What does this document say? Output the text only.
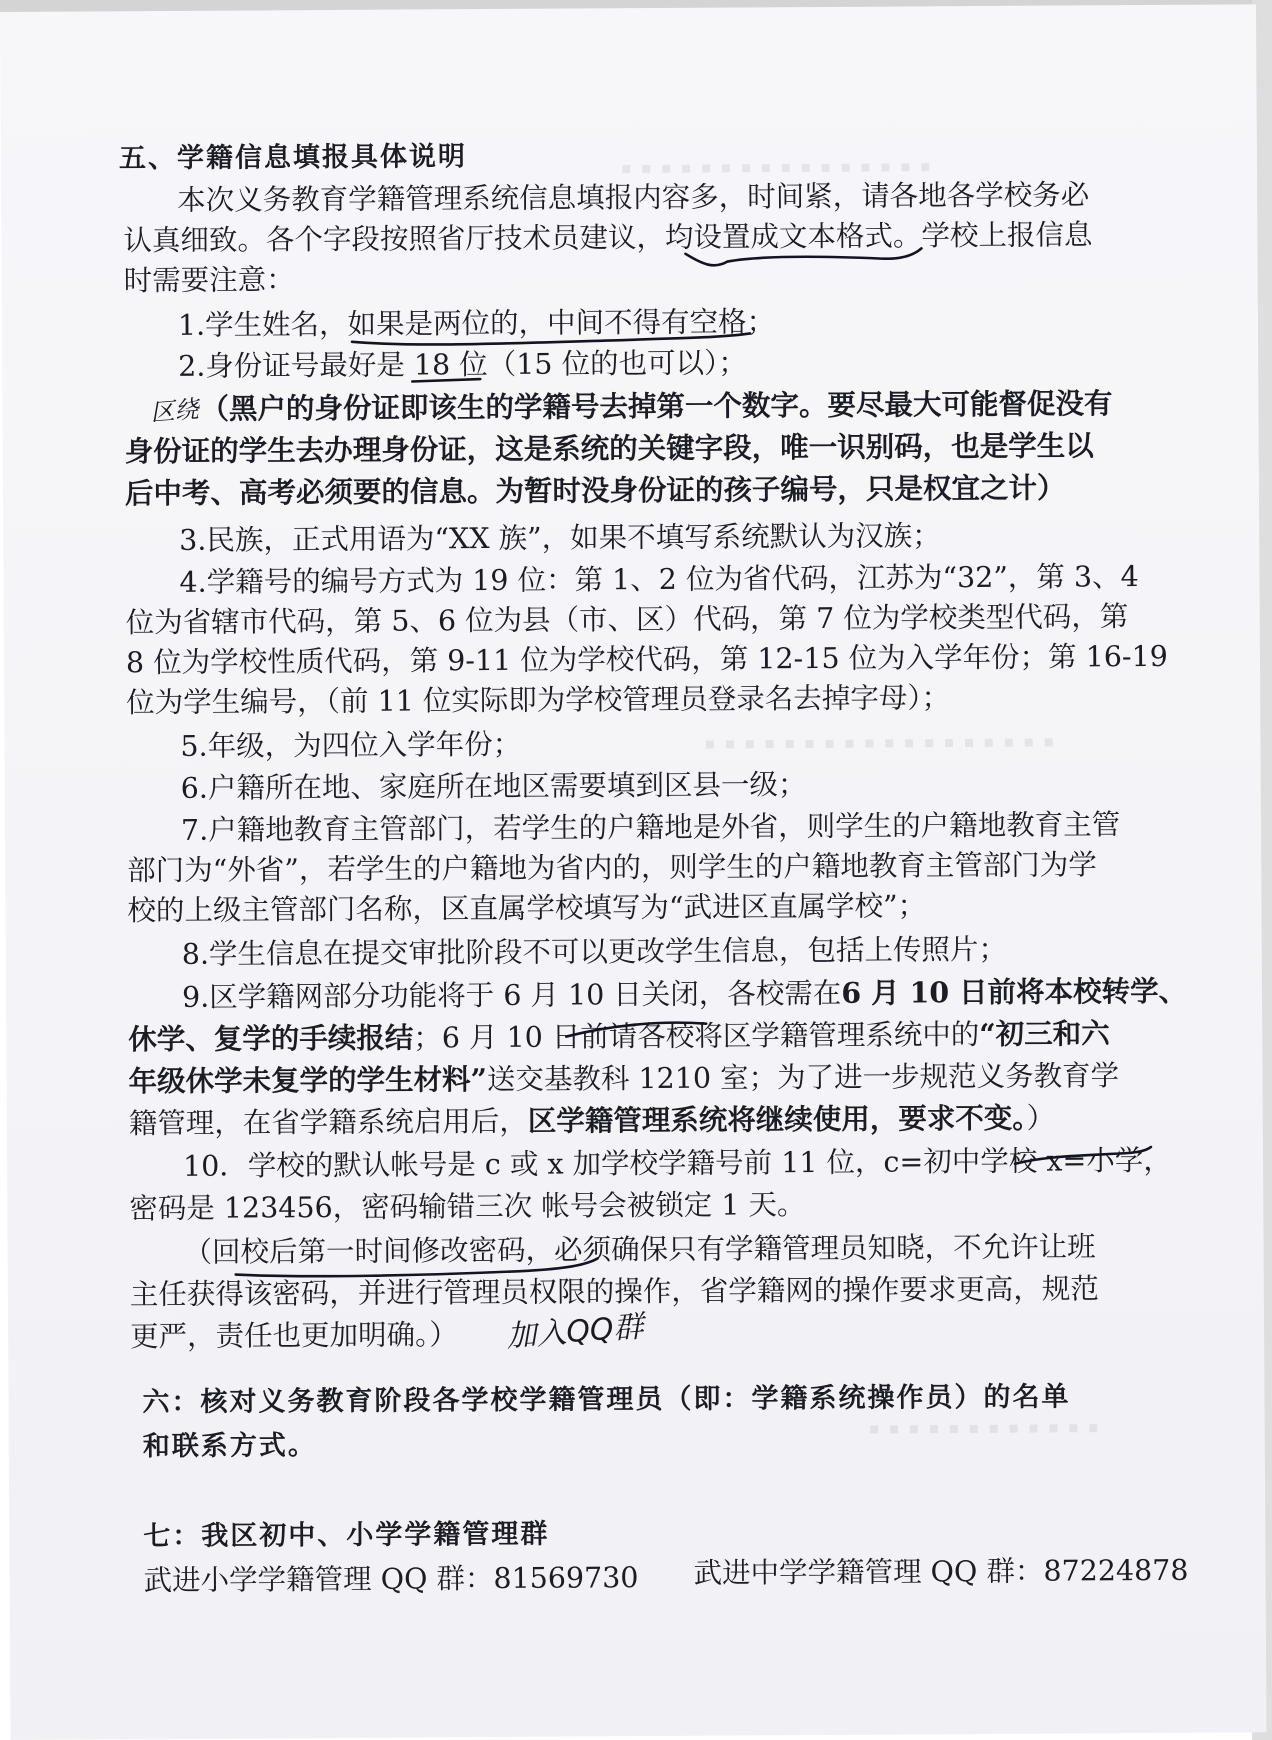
▪ ▪ ▪ ▪ ▪ ▪ ▪ ▪ ▪ ▪ ▪ ▪ ▪ ▪ ▪ ▪
▪ ▪ ▪ ▪ ▪ ▪ ▪ ▪ ▪ ▪ ▪ ▪ ▪ ▪ ▪ ▪ ▪ ▪
▪ ▪ ▪ ▪ ▪ ▪ ▪ ▪ ▪ ▪ ▪ ▪

五、学籍信息填报具体说明

本次义务教育学籍管理系统信息填报内容多，时间紧，请各地各学校务必

认真细致。各个字段按照省厅技术员建议，均设置成文本格式。学校上报信息

时需要注意：

1.学生姓名，如果是两位的，中间不得有空格；

2.身份证号最好是 18 位（15 位的也可以）；

（黑户的身份证即该生的学籍号去掉第一个数字。要尽最大可能督促没有

身份证的学生去办理身份证，这是系统的关键字段，唯一识别码，也是学生以

后中考、高考必须要的信息。为暂时没身份证的孩子编号，只是权宜之计）

3.民族，正式用语为“XX 族”，如果不填写系统默认为汉族；

4.学籍号的编号方式为 19 位：第 1、2 位为省代码，江苏为“32”，第 3、4

位为省辖市代码，第 5、6 位为县（市、区）代码，第 7 位为学校类型代码，第

8 位为学校性质代码，第 9-11 位为学校代码，第 12-15 位为入学年份；第 16-19

位为学生编号，（前 11 位实际即为学校管理员登录名去掉字母）；

5.年级，为四位入学年份；

6.户籍所在地、家庭所在地区需要填到区县一级；

7.户籍地教育主管部门，若学生的户籍地是外省，则学生的户籍地教育主管

部门为“外省”，若学生的户籍地为省内的，则学生的户籍地教育主管部门为学

校的上级主管部门名称，区直属学校填写为“武进区直属学校”；

8.学生信息在提交审批阶段不可以更改学生信息，包括上传照片；

9.区学籍网部分功能将于 6 月 10 日关闭，各校需在6 月 10 日前将本校转学、

休学、复学的手续报结；6 月 10 日前请各校将区学籍管理系统中的“初三和六

年级休学未复学的学生材料”送交基教科 1210 室；为了进一步规范义务教育学

籍管理，在省学籍系统启用后，区学籍管理系统将继续使用，要求不变。）

10．学校的默认帐号是 c 或 x 加学校学籍号前 11 位，c=初中学校 x=小学，

密码是 123456，密码输错三次 帐号会被锁定 1 天。

（回校后第一时间修改密码，必须确保只有学籍管理员知晓，不允许让班

主任获得该密码，并进行管理员权限的操作，省学籍网的操作要求更高，规范

更严，责任也更加明确。）

六：核对义务教育阶段各学校学籍管理员（即：学籍系统操作员）的名单

和联系方式。

七：我区初中、小学学籍管理群

武进小学学籍管理 QQ 群：81569730 武进中学学籍管理 QQ 群：87224878

区绕
加入QQ群
